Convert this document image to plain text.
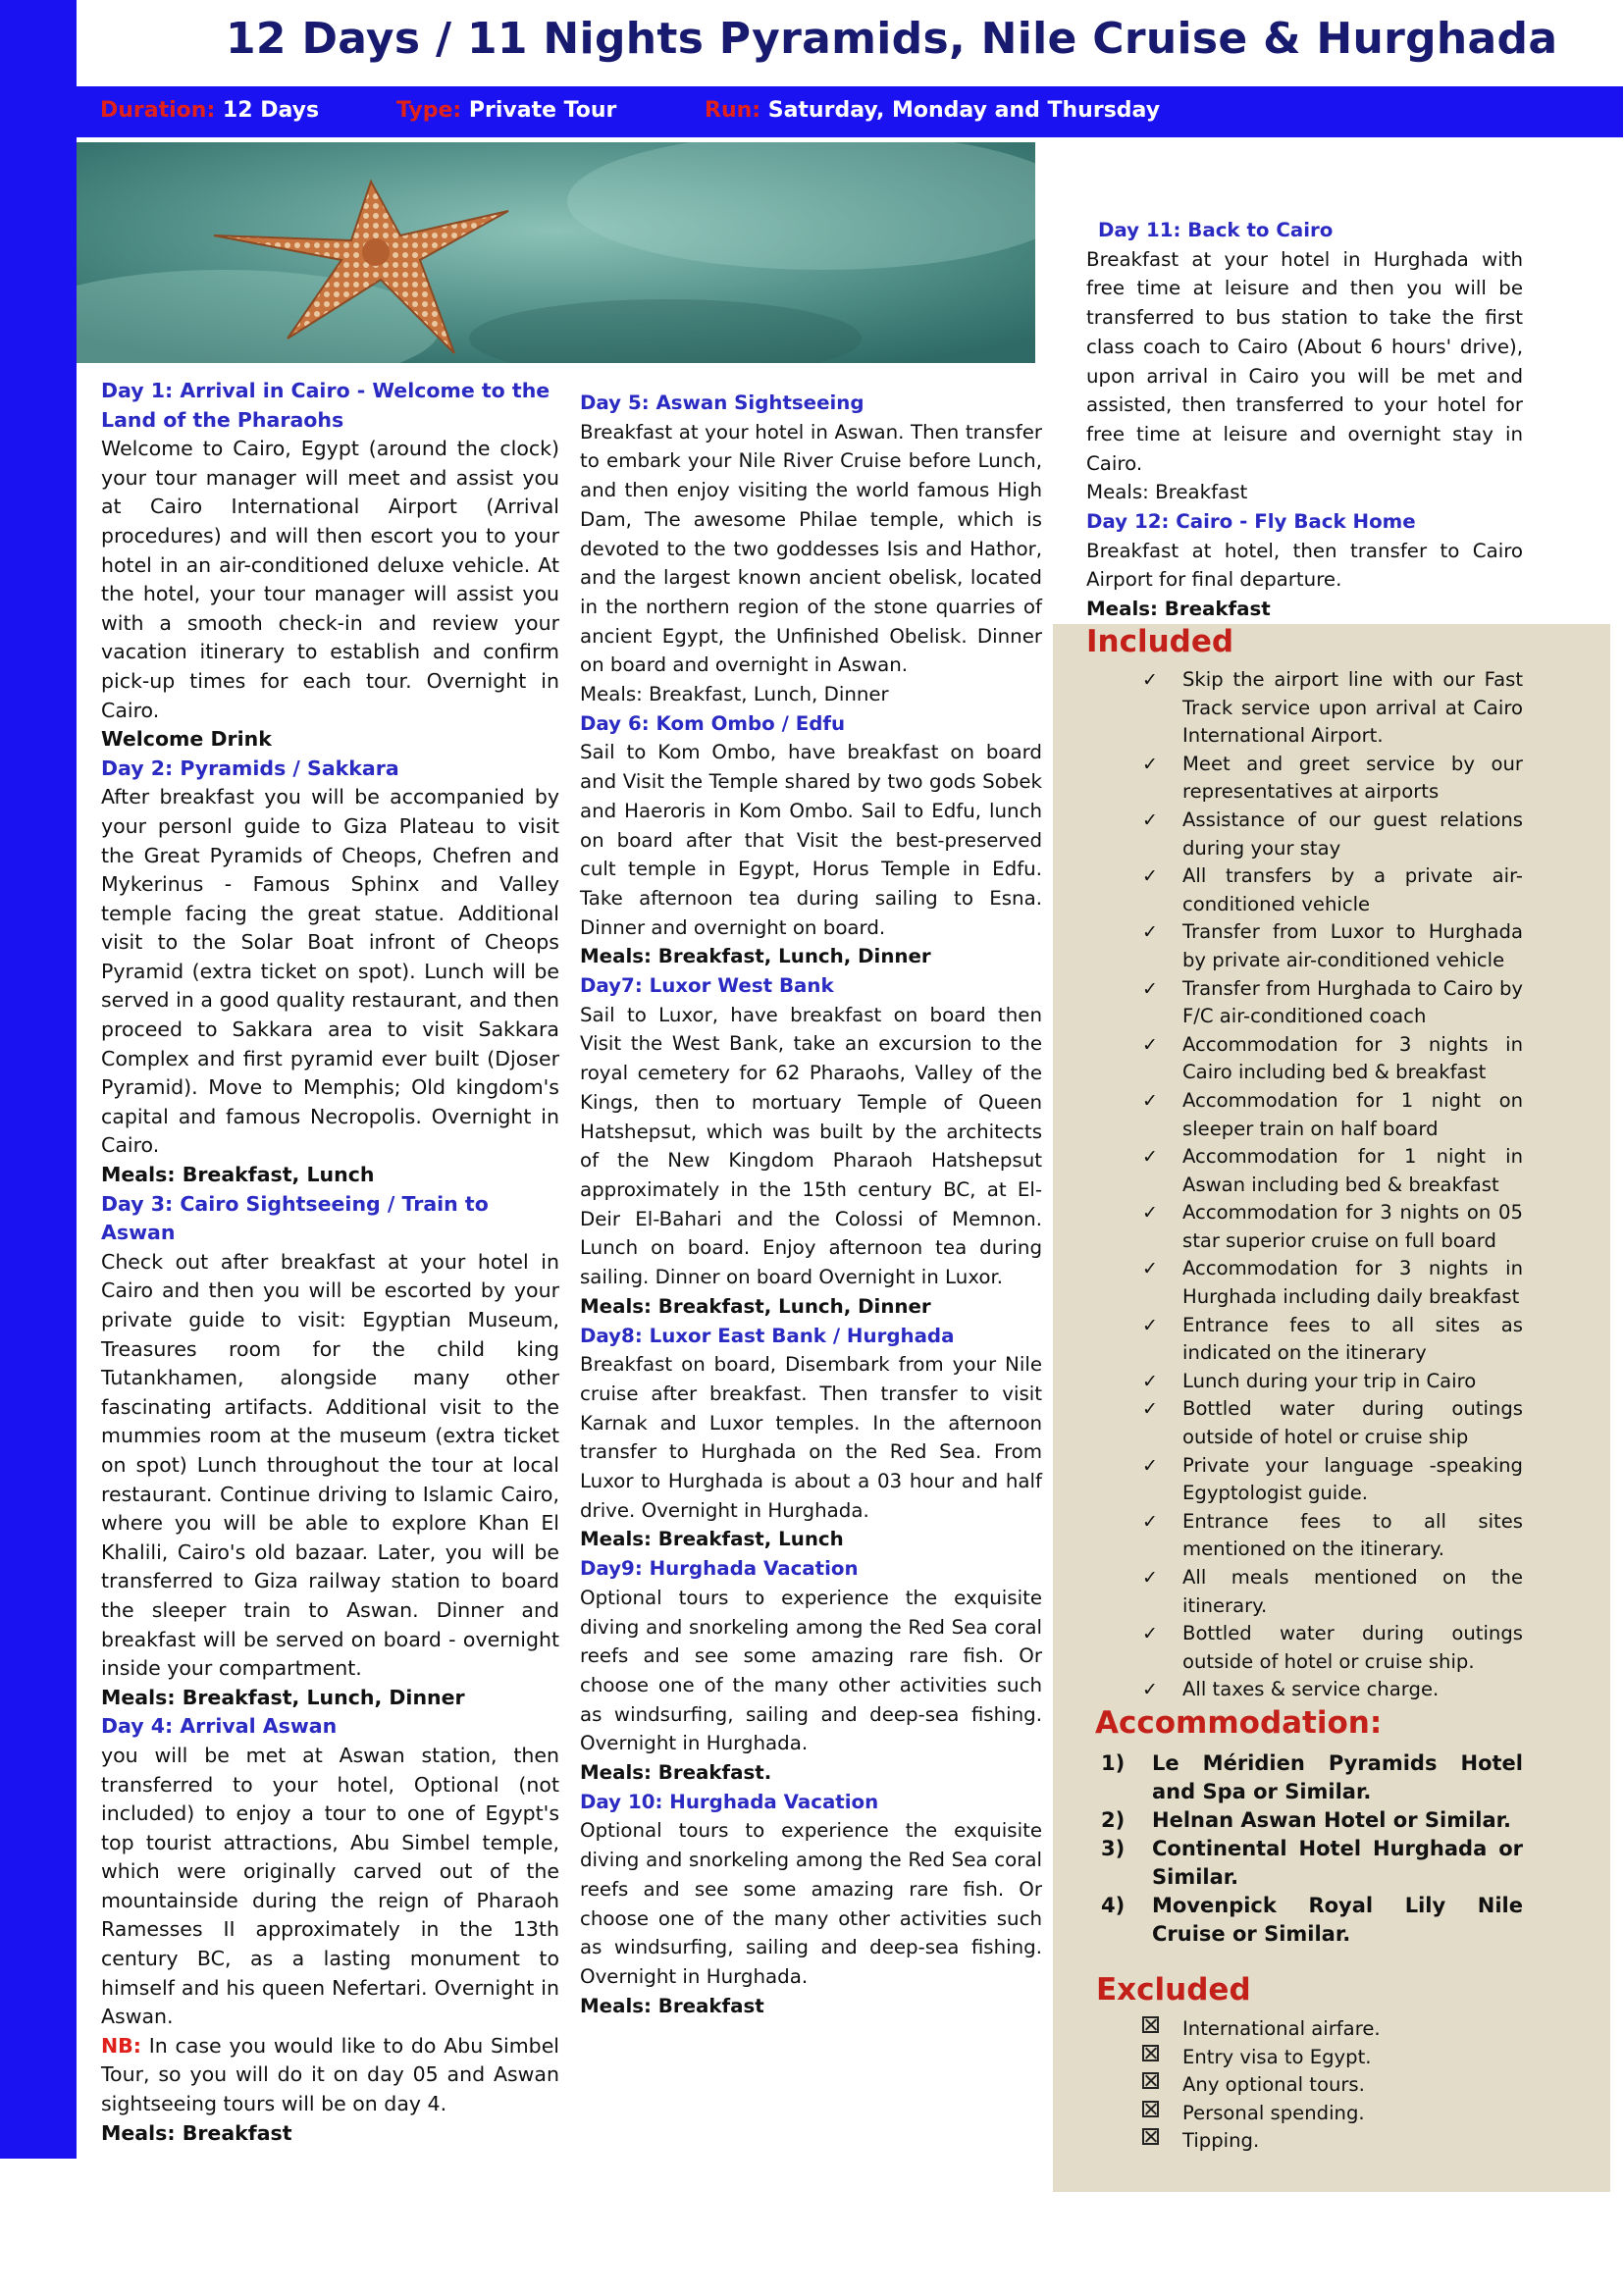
12 Days / 11 Nights Pyramids, Nile Cruise & Hurghada
Duration: 12 Days	Type: Private Tour	Run: Saturday, Monday and Thursday

Day 1: Arrival in Cairo - Welcome to the Land of the Pharaohs

Welcome to Cairo, Egypt (around the clock) your tour manager will meet and assist you at Cairo International Airport (Arrival procedures) and will then escort you to your hotel in an air-conditioned deluxe vehicle. At the hotel, your tour manager will assist you with a smooth check-in and review your vacation itinerary to establish and confirm pick-up times for each tour. Overnight in Cairo.

Welcome Drink

Day 2: Pyramids / Sakkara

After breakfast you will be accompanied by your personl guide to Giza Plateau to visit the Great Pyramids of Cheops, Chefren and Mykerinus - Famous Sphinx and Valley temple facing the great statue. Additional visit to the Solar Boat infront of Cheops Pyramid (extra ticket on spot). Lunch will be served in a good quality restaurant, and then proceed to Sakkara area to visit Sakkara Complex and first pyramid ever built (Djoser Pyramid). Move to Memphis; Old kingdom's capital and famous Necropolis. Overnight in Cairo.

Meals: Breakfast, Lunch

Day 3: Cairo Sightseeing / Train to Aswan

Check out after breakfast at your hotel in Cairo and then you will be escorted by your private guide to visit: Egyptian Museum, Treasures room for the child king Tutankhamen, alongside many other fascinating artifacts. Additional visit to the mummies room at the museum (extra ticket on spot) Lunch throughout the tour at local restaurant. Continue driving to Islamic Cairo, where you will be able to explore Khan El Khalili, Cairo's old bazaar. Later, you will be transferred to Giza railway station to board the sleeper train to Aswan. Dinner and breakfast will be served on board - overnight inside your compartment.

Meals: Breakfast, Lunch, Dinner

Day 4: Arrival Aswan

you will be met at Aswan station, then transferred to your hotel, Optional (not included) to enjoy a tour to one of Egypt's top tourist attractions, Abu Simbel temple, which were originally carved out of the mountainside during the reign of Pharaoh Ramesses II approximately in the 13th century BC, as a lasting monument to himself and his queen Nefertari. Overnight in Aswan.

NB: In case you would like to do Abu Simbel Tour, so you will do it on day 05 and Aswan sightseeing tours will be on day 4.

Meals: Breakfast

Day 5: Aswan Sightseeing

Breakfast at your hotel in Aswan. Then transfer to embark your Nile River Cruise before Lunch, and then enjoy visiting the world famous High Dam, The awesome Philae temple, which is devoted to the two goddesses Isis and Hathor, and the largest known ancient obelisk, located in the northern region of the stone quarries of ancient Egypt, the Unfinished Obelisk. Dinner on board and overnight in Aswan.

Meals: Breakfast, Lunch, Dinner

Day 6: Kom Ombo / Edfu

Sail to Kom Ombo, have breakfast on board and Visit the Temple shared by two gods Sobek and Haeroris in Kom Ombo. Sail to Edfu, lunch on board after that Visit the best-preserved cult temple in Egypt, Horus Temple in Edfu. Take afternoon tea during sailing to Esna. Dinner and overnight on board.

Meals: Breakfast, Lunch, Dinner

Day7: Luxor West Bank

Sail to Luxor, have breakfast on board then Visit the West Bank, take an excursion to the royal cemetery for 62 Pharaohs, Valley of the Kings, then to mortuary Temple of Queen Hatshepsut, which was built by the architects of the New Kingdom Pharaoh Hatshepsut approximately in the 15th century BC, at El-Deir El-Bahari and the Colossi of Memnon. Lunch on board. Enjoy afternoon tea during sailing. Dinner on board Overnight in Luxor.

Meals: Breakfast, Lunch, Dinner

Day8: Luxor East Bank / Hurghada

Breakfast on board, Disembark from your Nile cruise after breakfast. Then transfer to visit Karnak and Luxor temples. In the afternoon transfer to Hurghada on the Red Sea. From Luxor to Hurghada is about a 03 hour and half drive. Overnight in Hurghada.

Meals: Breakfast, Lunch

Day9: Hurghada Vacation

Optional tours to experience the exquisite diving and snorkeling among the Red Sea coral reefs and see some amazing rare fish. Or choose one of the many other activities such as windsurfing, sailing and deep-sea fishing. Overnight in Hurghada.

Meals: Breakfast.

Day 10: Hurghada Vacation

Optional tours to experience the exquisite diving and snorkeling among the Red Sea coral reefs and see some amazing rare fish. Or choose one of the many other activities such as windsurfing, sailing and deep-sea fishing. Overnight in Hurghada.

Meals: Breakfast

Day 11: Back to Cairo

Breakfast at your hotel in Hurghada with free time at leisure and then you will be transferred to bus station to take the first class coach to Cairo (About 6 hours' drive), upon arrival in Cairo you will be met and assisted, then transferred to your hotel for free time at leisure and overnight stay in Cairo.

Meals: Breakfast

Day 12: Cairo - Fly Back Home

Breakfast at hotel, then transfer to Cairo Airport for final departure.

Meals: Breakfast

Included
✓ Skip the airport line with our Fast Track service upon arrival at Cairo International Airport.
✓ Meet and greet service by our representatives at airports
✓ Assistance of our guest relations during your stay
✓ All transfers by a private air-conditioned vehicle
✓ Transfer from Luxor to Hurghada by private air-conditioned vehicle
✓ Transfer from Hurghada to Cairo by F/C air-conditioned coach
✓ Accommodation for 3 nights in Cairo including bed & breakfast
✓ Accommodation for 1 night on sleeper train on half board
✓ Accommodation for 1 night in Aswan including bed & breakfast
✓ Accommodation for 3 nights on 05 star superior cruise on full board
✓ Accommodation for 3 nights in Hurghada including daily breakfast
✓ Entrance fees to all sites as indicated on the itinerary
✓ Lunch during your trip in Cairo
✓ Bottled water during outings outside of hotel or cruise ship
✓ Private your language -speaking Egyptologist guide.
✓ Entrance fees to all sites mentioned on the itinerary.
✓ All meals mentioned on the itinerary.
✓ Bottled water during outings outside of hotel or cruise ship.
✓ All taxes & service charge.
Accommodation:
1) Le Méridien Pyramids Hotel and Spa or Similar.
2) Helnan Aswan Hotel or Similar.
3) Continental Hotel Hurghada or Similar.
4) Movenpick Royal Lily Nile Cruise or Similar.
Excluded
International airfare.
Entry visa to Egypt.
Any optional tours.
Personal spending.
Tipping.
